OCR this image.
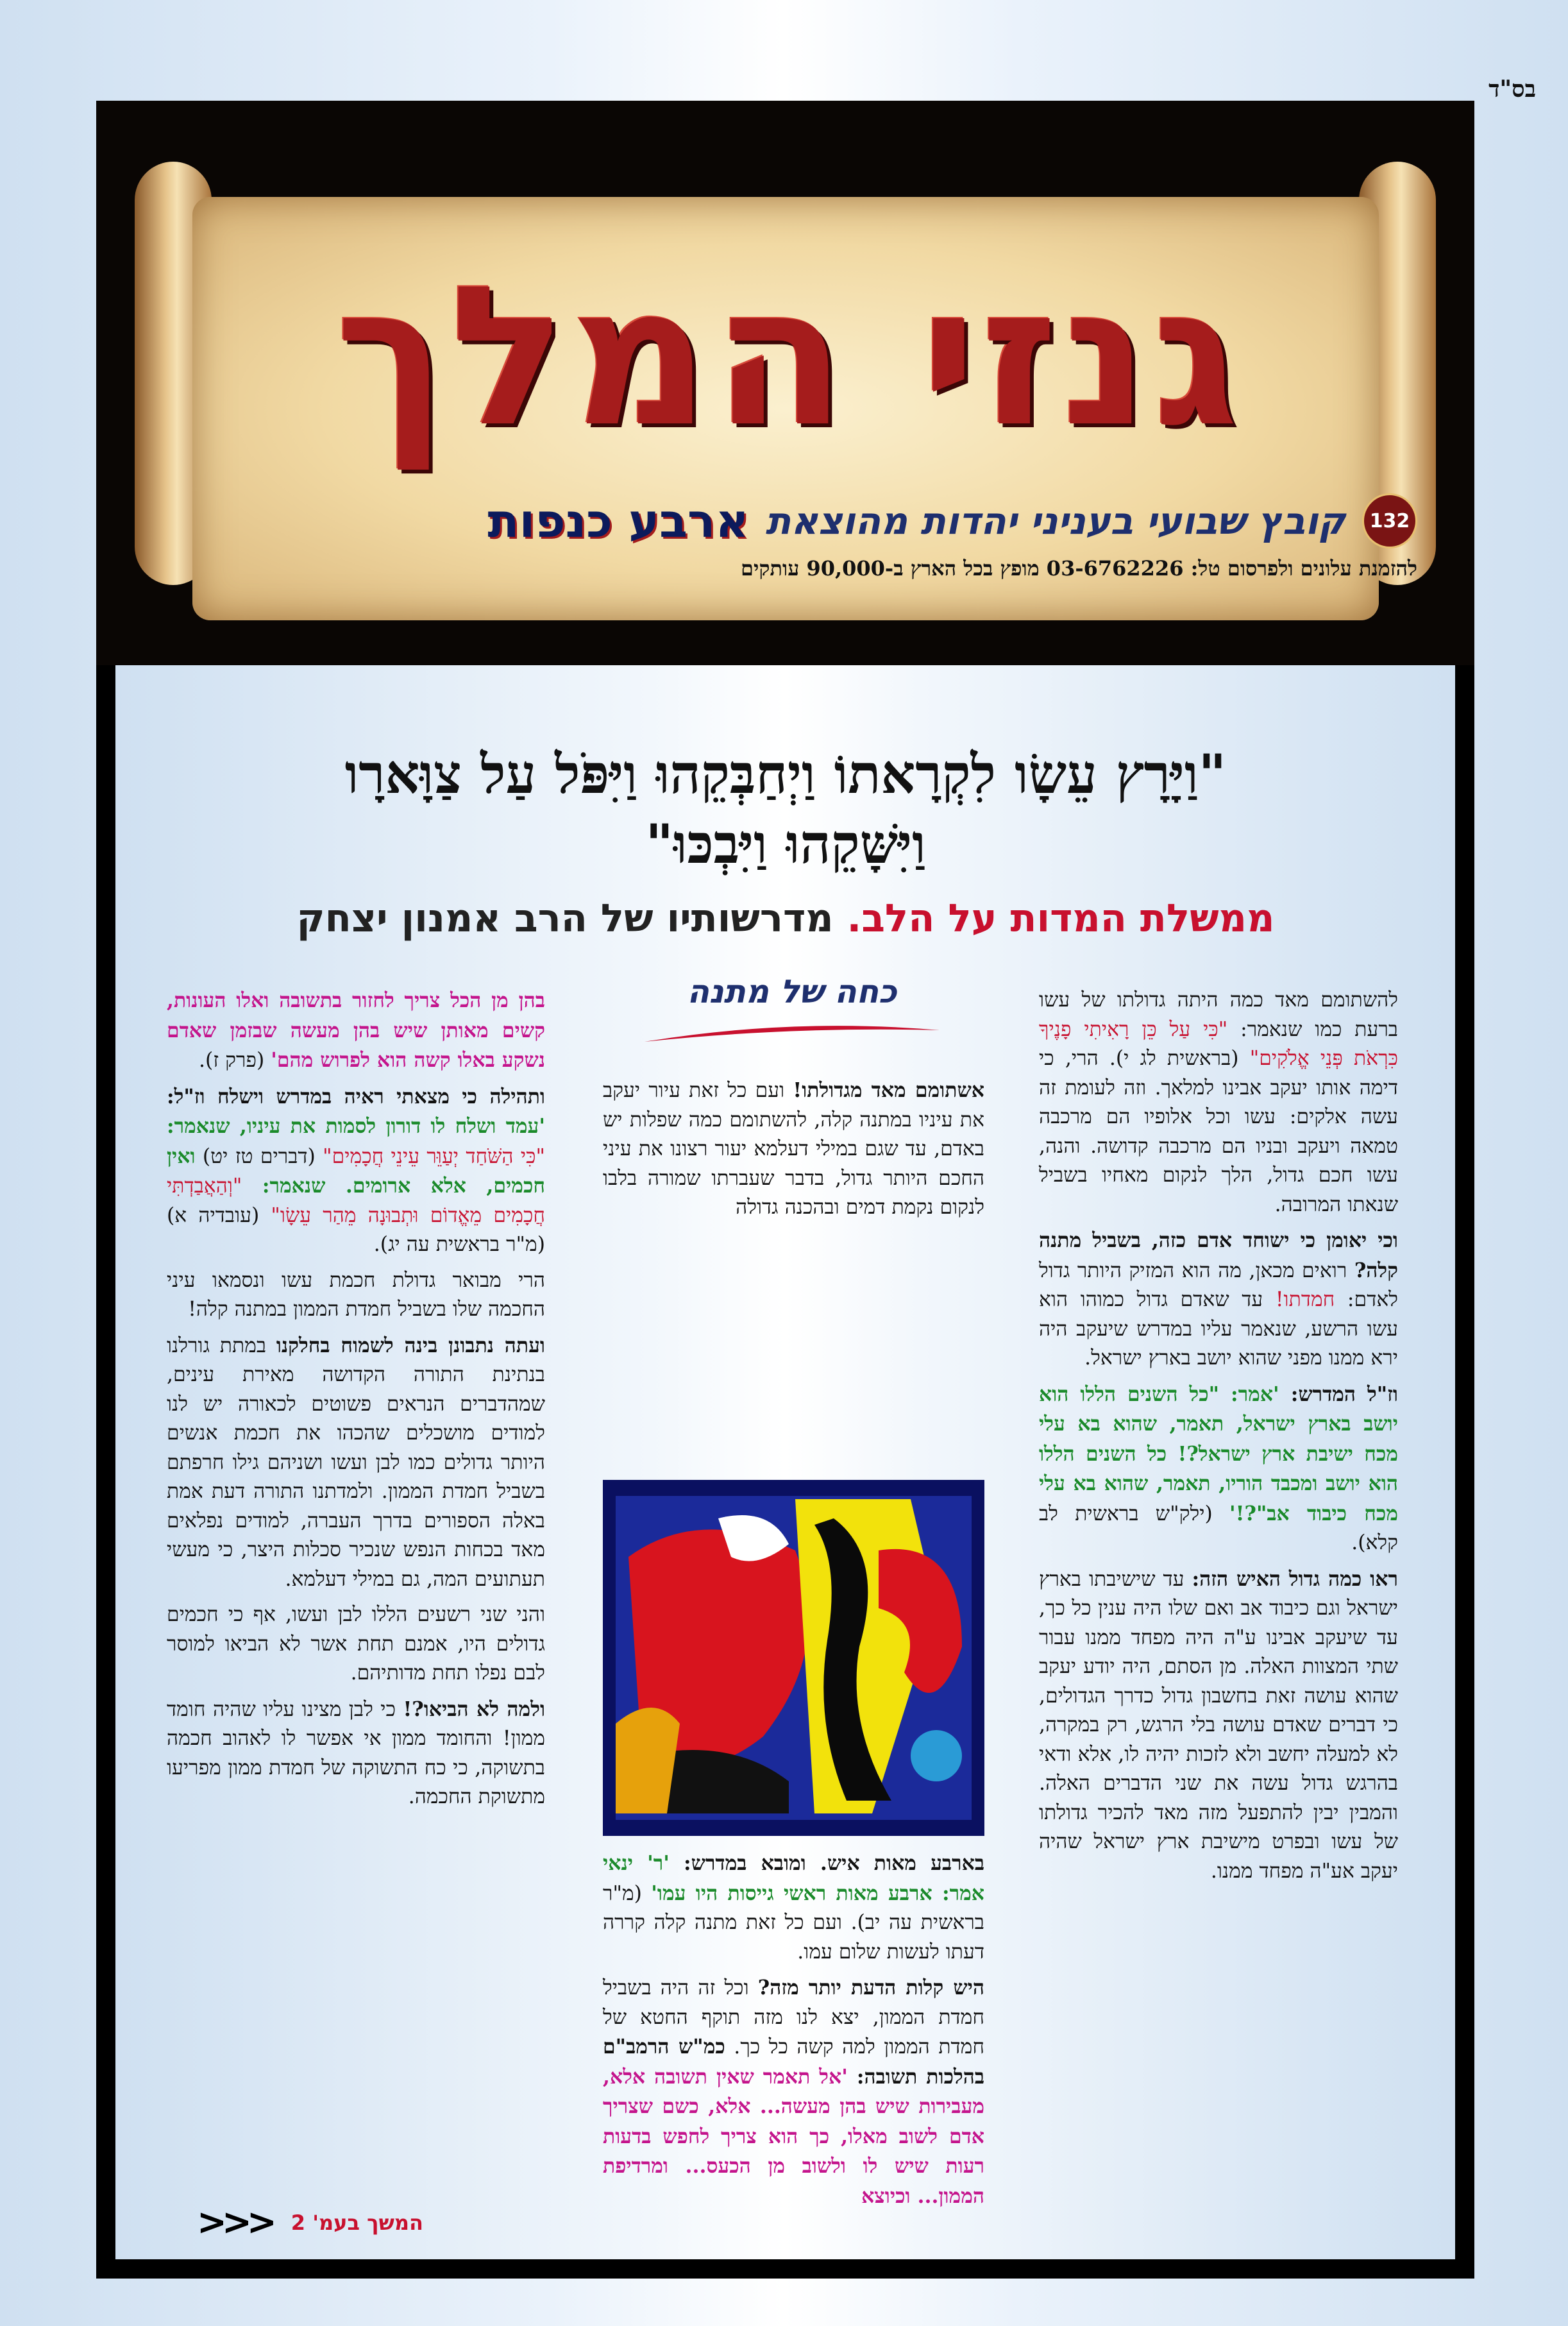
בס"ד
גנזי המלך
132
קובץ שבועי בעניני יהדות מהוצאת
ארבע כנפות
להזמנת עלונים ולפרסום טל: 03-6762226 מופץ בכל הארץ ב-90,000 עותקים
"וַיָּרָץ עֵשָׂו לִקְרָאתוֹ וַיְחַבְּקֵהוּ וַיִּפֹּל עַל צַוָּארָו
וַיִּשָּׁקֵהוּ וַיִּבְכּוּ"
ממשלת המדות על הלב. מדרשותיו של הרב אמנון יצחק

להשתומם מאד כמה היתה גדולתו של עשו ברעת כמו שנאמר: "כִּי עַל כֵּן רָאִיתִי פָנֶיךָ כִּרְאֹת פְּנֵי אֱלֹקִים" (בראשית לג י). הרי, כי דימה אותו יעקב אבינו למלאך. וזה לעומת זה עשה אלקים: עשו וכל אלופיו הם מרכבה טמאה ויעקב ובניו הם מרכבה קדושה. והנה, עשו חכם גדול, הלך לנקום מאחיו בשביל שנאתו המרובה.

וכי יאומן כי ישוחד אדם כזה, בשביל מתנה קלה? רואים מכאן, מה הוא המזיק היותר גדול לאדם: חמדתו! עד שאדם גדול כמוהו הוא עשו הרשע, שנאמר עליו במדרש שיעקב היה ירא ממנו מפני שהוא יושב בארץ ישראל.

וז"ל המדרש: 'אמר: "כל השנים הללו הוא יושב בארץ ישראל, תאמר, שהוא בא עלי מכח ישיבת ארץ ישראל?! כל השנים הללו הוא יושב ומכבד הוריו, תאמר, שהוא בא עלי מכח כיבוד אב"?!' (ילק"ש בראשית לב קלא).

ראו כמה גדול האיש הזה: עד שישיבתו בארץ ישראל וגם כיבוד אב ואם שלו היה ענין כל כך, עד שיעקב אבינו ע"ה היה מפחד ממנו עבור שתי המצוות האלה. מן הסתם, היה יודע יעקב שהוא עושה זאת בחשבון גדול כדרך הגדולים, כי דברים שאדם עושה בלי הרגש, רק במקרה, לא למעלה יחשב ולא לזכות יהיה לו, אלא ודאי בהרגש גדול עשה את שני הדברים האלה. והמבין יבין להתפעל מזה מאד להכיר גדולתו של עשו ובפרט מישיבת ארץ ישראל שהיה יעקב אע"ה מפחד ממנו.

כחה של מתנה

אשתומם מאד מגדולתו! ועם כל זאת עיור יעקב את עיניו במתנה קלה, להשתומם כמה שפלות יש באדם, עד שגם במילי דעלמא יעור רצונו את עיני החכם היותר גדול, בדבר שעברתו שמורה בלבו לנקום נקמת דמים ובהכנה גדולה

בארבע מאות איש. ומובא במדרש: 'ר' ינאי אמר: ארבע מאות ראשי גייסות היו עמו' (מ"ר בראשית עה יב). ועם כל זאת מתנה קלה קררה דעתו לעשות שלום עמו.

היש קלות הדעת יותר מזה? וכל זה היה בשביל חמדת הממון, יצא לנו מזה תוקף החטא של חמדת הממון למה קשה כל כך. כמ"ש הרמב"ם בהלכות תשובה: 'אל תאמר שאין תשובה אלא, מעבירות שיש בהן מעשה... אלא, כשם שצריך אדם לשוב מאלו, כך הוא צריך לחפש בדעות רעות שיש לו ולשוב מן הכעס... ומרדיפת הממון... וכיוצא

בהן מן הכל צריך לחזור בתשובה ואלו העונות, קשים מאותן שיש בהן מעשה שבזמן שאדם נשקע באלו קשה הוא לפרוש מהם' (פרק ז).

ותהילה כי מצאתי ראיה במדרש וישלח וז"ל: 'עמד ושלח לו דורון לסמות את עיניו, שנאמר: "כִּי הַשֹּׁחַד יְעַוֵּר עֵינֵי חֲכָמִים" (דברים טז יט) ואין חכמים, אלא ארומים. שנאמר: "וְהַאֲבַדְתִּי חֲכָמִים מֵאֱדוֹם וּתְבוּנָה מֵהַר עֵשָׂו" (עובדיה א) (מ"ר בראשית עה יג).

הרי מבואר גדולת חכמת עשו ונסמאו עיני החכמה שלו בשביל חמדת הממון במתנה קלה!

ועתה נתבונן בינה לשמוח בחלקנו במתת גורלנו בנתינת התורה הקדושה מאירת עינים, שמהדברים הנראים פשוטים לכאורה יש לנו למודים מושכלים שהכהו את חכמת אנשים היותר גדולים כמו לבן ועשו ושניהם גילו חרפתם בשביל חמדת הממון. ולמדתנו התורה דעת אמת באלה הספורים בדרך העברה, למודים נפלאים מאד בכחות הנפש שנכיר סכלות היצר, כי מעשי תעתועים המה, גם במילי דעלמא.

והני שני רשעים הללו לבן ועשו, אף כי חכמים גדולים היו, אמנם תחת אשר לא הביאו למוסר לבם נפלו תחת מדותיהם.

ולמה לא הביאו?! כי לבן מצינו עליו שהיה חומד ממון! והחומד ממון אי אפשר לו לאהוב חכמה בתשוקה, כי כח התשוקה של חמדת ממון מפריעו מתשוקת החכמה.

המשך בעמ' 2
<<<
